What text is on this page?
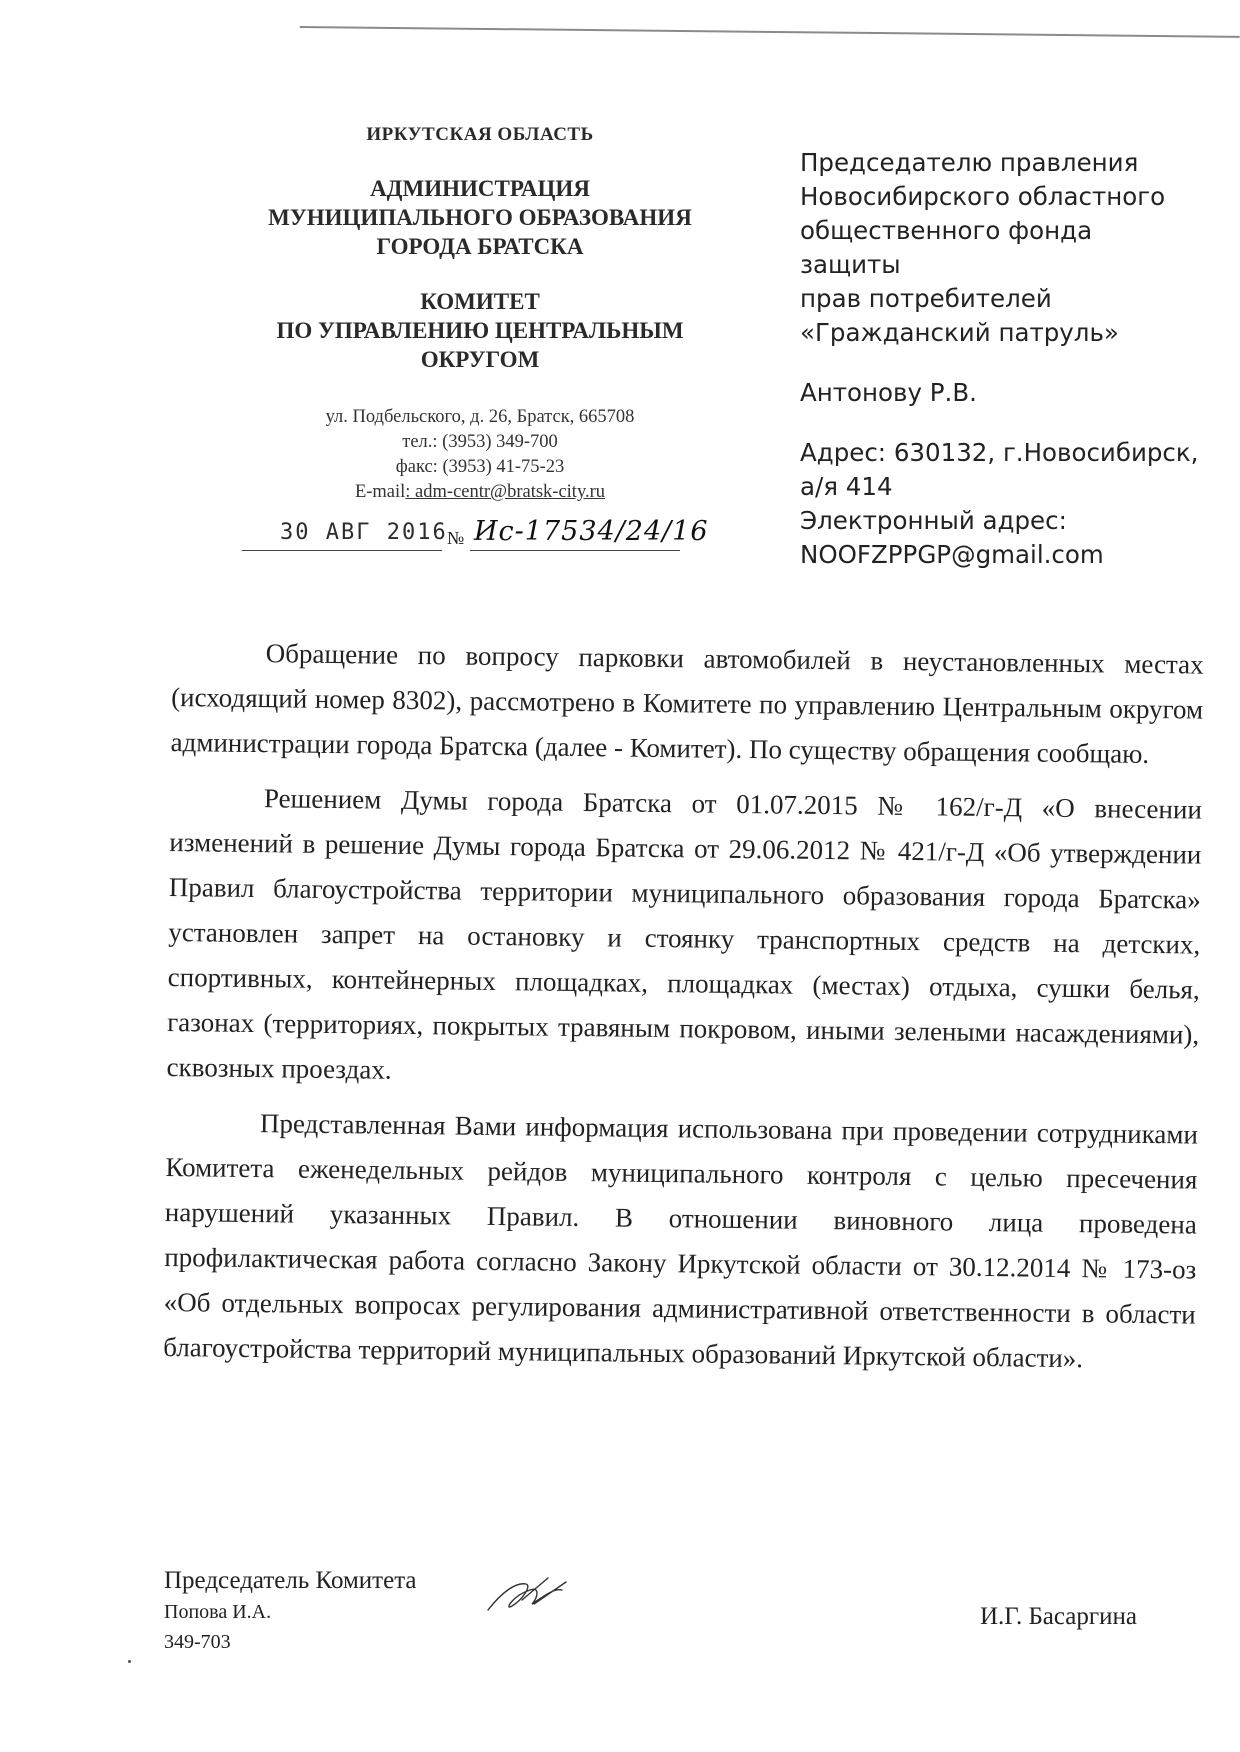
ИРКУТСКАЯ ОБЛАСТЬ
АДМИНИСТРАЦИЯ
МУНИЦИПАЛЬНОГО ОБРАЗОВАНИЯ
ГОРОДА БРАТСКА
КОМИТЕТ
ПО УПРАВЛЕНИЮ ЦЕНТРАЛЬНЫМ
ОКРУГОМ
ул. Подбельского, д. 26, Братск, 665708
тел.: (3953) 349-700
факс: (3953) 41-75-23
E-mail: adm-centr@bratsk-city.ru
30 АВГ 2016 № Ис-17534/24/16
Председателю правления
Новосибирского областного
общественного фонда защиты
прав потребителей
«Гражданский патруль»
Антонову Р.В.
Адрес: 630132, г.Новосибирск,
а/я 414
Электронный адрес:
NOOFZPPGP@gmail.com

Обращение по вопросу парковки автомобилей в неустановленных местах (исходящий номер 8302), рассмотрено в Комитете по управлению Центральным округом администрации города Братска (далее - Комитет). По существу обращения сообщаю.

Решением Думы города Братска от 01.07.2015 № 162/г-Д «О внесении изменений в решение Думы города Братска от 29.06.2012 № 421/г-Д «Об утверждении Правил благоустройства территории муниципального образования города Братска» установлен запрет на остановку и стоянку транспортных средств на детских, спортивных, контейнерных площадках, площадках (местах) отдыха, сушки белья, газонах (территориях, покрытых травяным покровом, иными зелеными насаждениями), сквозных проездах.

Представленная Вами информация использована при проведении сотрудниками Комитета еженедельных рейдов муниципального контроля с целью пресечения нарушений указанных Правил. В отношении виновного лица проведена профилактическая работа согласно Закону Иркутской области от 30.12.2014 № 173-оз «Об отдельных вопросах регулирования административной ответственности в области благоустройства территорий муниципальных образований Иркутской области».

Председатель Комитета
Попова И.А.
349-703
И.Г. Басаргина
